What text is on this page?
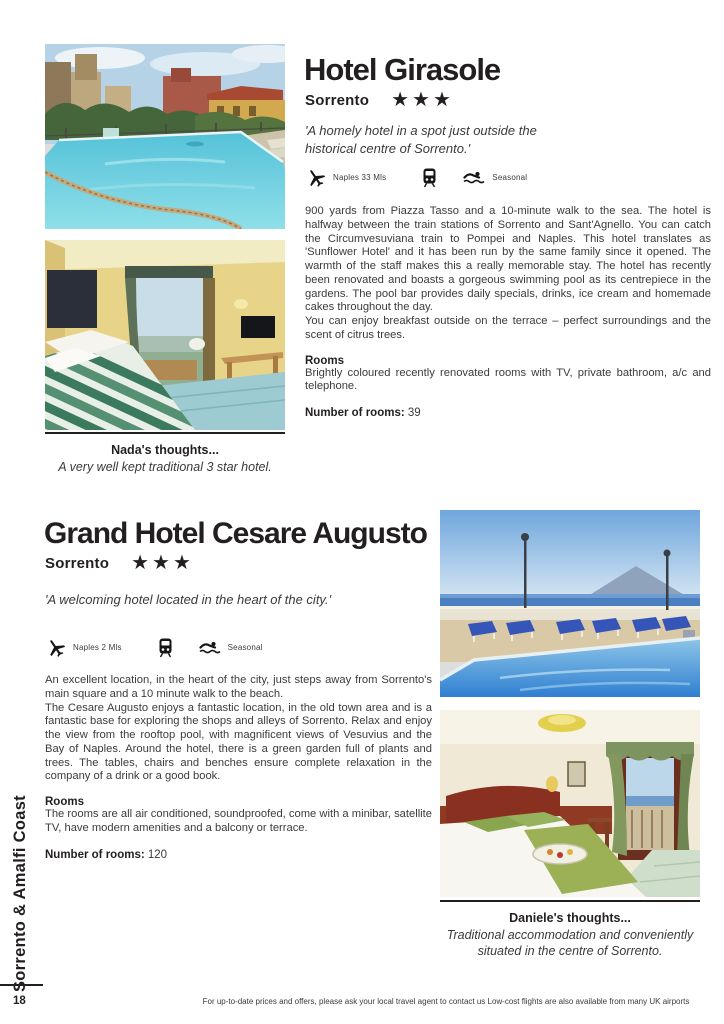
Hotel Girasole
Sorrento ★★★
'A homely hotel in a spot just outside the historical centre of Sorrento.'
Naples 33 Mls	Seasonal

900 yards from Piazza Tasso and a 10-minute walk to the sea. The hotel is halfway between the train stations of Sorrento and Sant'Agnello. You can catch the Circumvesuviana train to Pompei and Naples. This hotel translates as 'Sunflower Hotel' and it has been run by the same family since it opened. The warmth of the staff makes this a really memorable stay. The hotel has recently been renovated and boasts a gorgeous swimming pool as its centrepiece in the gardens. The pool bar provides daily specials, drinks, ice cream and homemade cakes throughout the day.

You can enjoy breakfast outside on the terrace – perfect surroundings and the scent of citrus trees.

Rooms
Brightly coloured recently renovated rooms with TV, private bathroom, a/c and telephone.
Number of rooms: 39
Nada's thoughts...
A very well kept traditional 3 star hotel.
Grand Hotel Cesare Augusto
Sorrento ★★★
'A welcoming hotel located in the heart of the city.'
Naples 2 Mls	Seasonal

An excellent location, in the heart of the city, just steps away from Sorrento's main square and a 10 minute walk to the beach.

The Cesare Augusto enjoys a fantastic location, in the old town area and is a fantastic base for exploring the shops and alleys of Sorrento. Relax and enjoy the view from the rooftop pool, with magnificent views of Vesuvius and the Bay of Naples. Around the hotel, there is a green garden full of plants and trees. The tables, chairs and benches ensure complete relaxation in the company of a drink or a good book.

Rooms
The rooms are all air conditioned, soundproofed, come with a minibar, satellite TV, have modern amenities and a balcony or terrace.
Number of rooms: 120
Daniele's thoughts...
Traditional accommodation and conveniently situated in the centre of Sorrento.
Sorrento & Amalfi Coast
18	For up-to-date prices and offers, please ask your local travel agent to contact us Low-cost flights are also available from many UK airports
